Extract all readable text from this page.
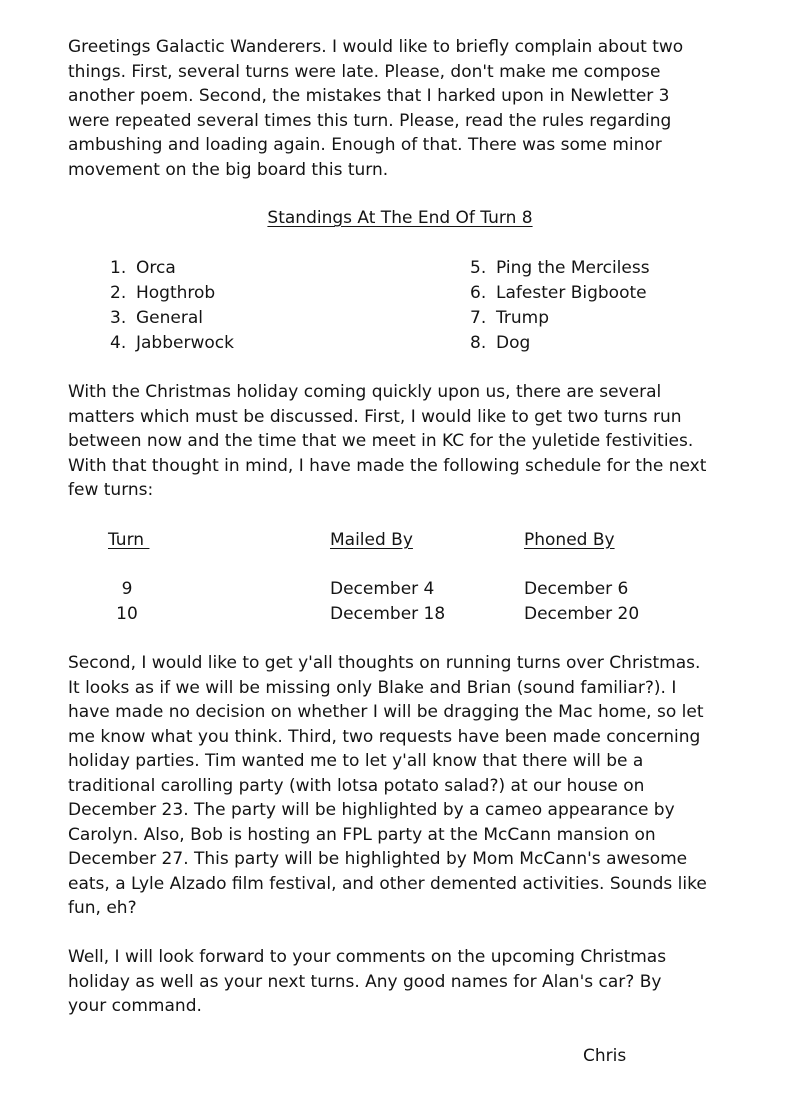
Greetings Galactic Wanderers. I would like to briefly complain about two
things. First, several turns were late. Please, don't make me compose
another poem. Second, the mistakes that I harked upon in Newletter 3
were repeated several times this turn. Please, read the rules regarding
ambushing and loading again. Enough of that. There was some minor
movement on the big board this turn.

Standings At The End Of Turn 8

1. Orca
2. Hogthrob
3. General
4. Jabberwock
5. Ping the Merciless
6. Lafester Bigboote
7. Trump
8. Dog

With the Christmas holiday coming quickly upon us, there are several
matters which must be discussed. First, I would like to get two turns run
between now and the time that we meet in KC for the yuletide festivities.
With that thought in mind, I have made the following schedule for the next
few turns:

Turn	Mailed By	Phoned By
9	December 4	December 6
10	December 18	December 20

Second, I would like to get y'all thoughts on running turns over Christmas.
It looks as if we will be missing only Blake and Brian (sound familiar?). I
have made no decision on whether I will be dragging the Mac home, so let
me know what you think. Third, two requests have been made concerning
holiday parties. Tim wanted me to let y'all know that there will be a
traditional carolling party (with lotsa potato salad?) at our house on
December 23. The party will be highlighted by a cameo appearance by
Carolyn. Also, Bob is hosting an FPL party at the McCann mansion on
December 27. This party will be highlighted by Mom McCann's awesome
eats, a Lyle Alzado film festival, and other demented activities. Sounds like
fun, eh?

Well, I will look forward to your comments on the upcoming Christmas
holiday as well as your next turns. Any good names for Alan's car? By
your command.

Chris
